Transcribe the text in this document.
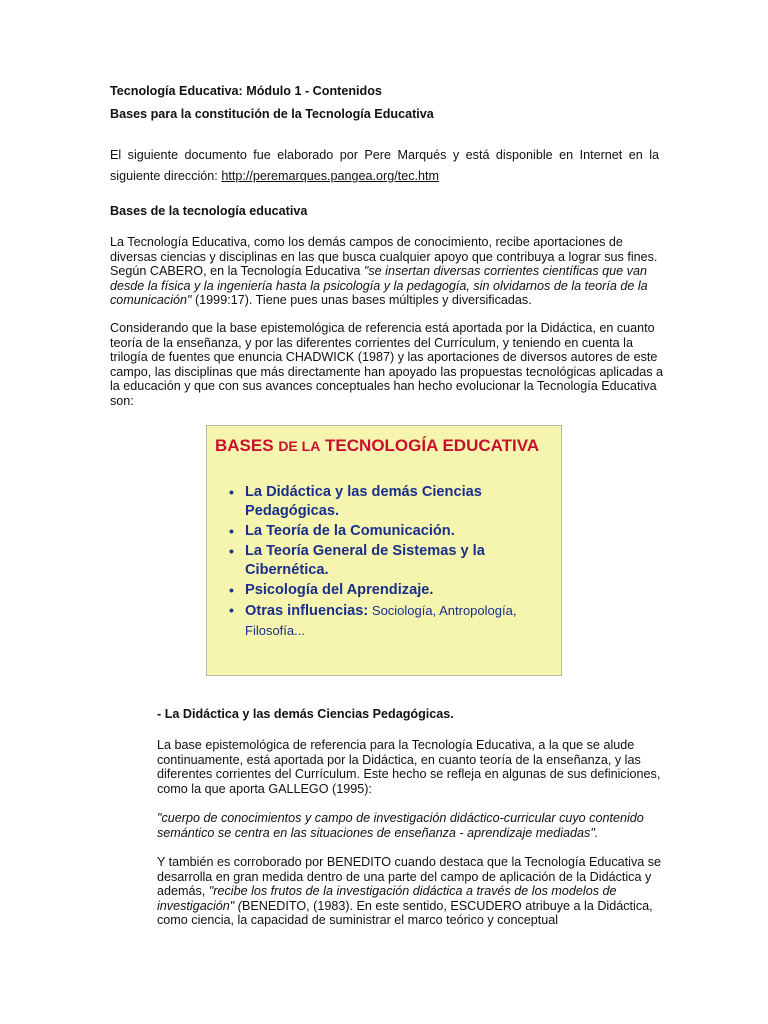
Tecnología Educativa: Módulo 1 - Contenidos
Bases para la constitución de la Tecnología Educativa

El siguiente documento fue elaborado por Pere Marqués y está disponible en Internet en la siguiente dirección: http://peremarques.pangea.org/tec.htm

Bases de la tecnología educativa

La Tecnología Educativa, como los demás campos de conocimiento, recibe aportaciones de diversas ciencias y disciplinas en las que busca cualquier apoyo que contribuya a lograr sus fines. Según CABERO, en la Tecnología Educativa "se insertan diversas corrientes científicas que van desde la física y la ingeniería hasta la psicología y la pedagogía, sin olvidarnos de la teoría de la comunicación" (1999:17). Tiene pues unas bases múltiples y diversificadas.

Considerando que la base epistemológica de referencia está aportada por la Didáctica, en cuanto teoría de la enseñanza, y por las diferentes corrientes del Currículum, y teniendo en cuenta la trilogía de fuentes que enuncia CHADWICK (1987) y las aportaciones de diversos autores de este campo, las disciplinas que más directamente han apoyado las propuestas tecnológicas aplicadas a la educación y que con sus avances conceptuales han hecho evolucionar la Tecnología Educativa son:

BASES DE LA TECNOLOGÍA EDUCATIVA
• La Didáctica y las demás Ciencias Pedagógicas.
• La Teoría de la Comunicación.
• La Teoría General de Sistemas y la Cibernética.
• Psicología del Aprendizaje.
• Otras influencias: Sociología, Antropología, Filosofía...
- La Didáctica y las demás Ciencias Pedagógicas.

La base epistemológica de referencia para la Tecnología Educativa, a la que se alude continuamente, está aportada por la Didáctica, en cuanto teoría de la enseñanza, y las diferentes corrientes del Currículum. Este hecho se refleja en algunas de sus definiciones, como la que aporta GALLEGO (1995):

"cuerpo de conocimientos y campo de investigación didáctico-curricular cuyo contenido semántico se centra en las situaciones de enseñanza - aprendizaje mediadas".

Y también es corroborado por BENEDITO cuando destaca que la Tecnología Educativa se desarrolla en gran medida dentro de una parte del campo de aplicación de la Didáctica y además, "recibe los frutos de la investigación didáctica a través de los modelos de investigación" (BENEDITO, (1983). En este sentido, ESCUDERO atribuye a la Didáctica, como ciencia, la capacidad de suministrar el marco teórico y conceptual
